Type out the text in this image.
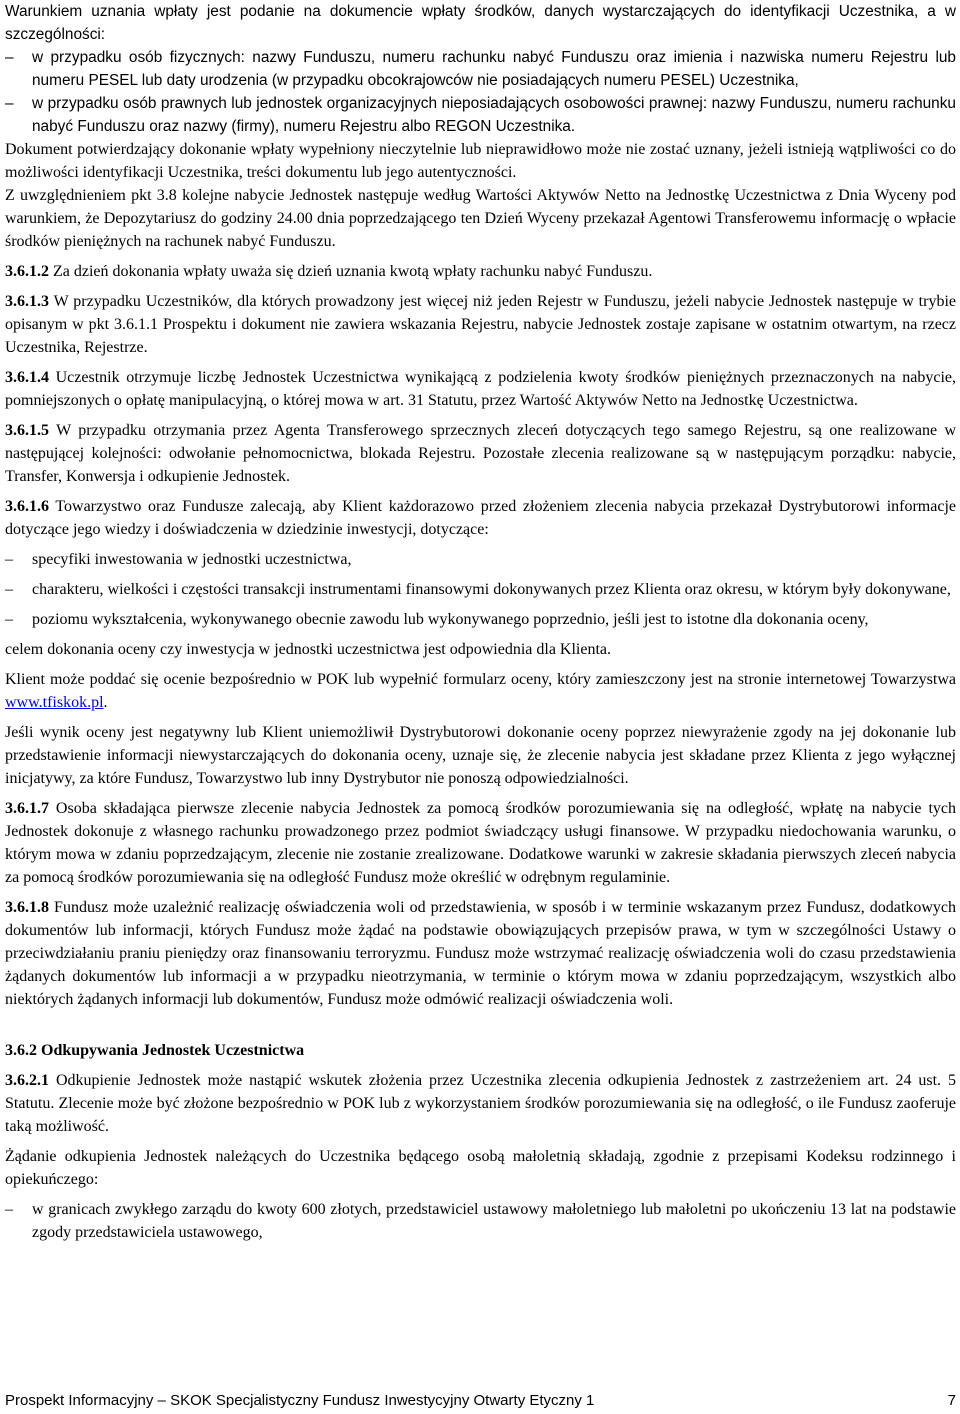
Warunkiem uznania wpłaty jest podanie na dokumencie wpłaty środków, danych wystarczających do identyfikacji Uczestnika, a w szczególności:

– w przypadku osób fizycznych: nazwy Funduszu, numeru rachunku nabyć Funduszu oraz imienia i nazwiska numeru Rejestru lub numeru PESEL lub daty urodzenia (w przypadku obcokrajowców nie posiadających numeru PESEL) Uczestnika,

– w przypadku osób prawnych lub jednostek organizacyjnych nieposiadających osobowości prawnej: nazwy Funduszu, numeru rachunku nabyć Funduszu oraz nazwy (firmy), numeru Rejestru albo REGON Uczestnika.

Dokument potwierdzający dokonanie wpłaty wypełniony nieczytelnie lub nieprawidłowo może nie zostać uznany, jeżeli istnieją wątpliwości co do możliwości identyfikacji Uczestnika, treści dokumentu lub jego autentyczności.

Z uwzględnieniem pkt 3.8 kolejne nabycie Jednostek następuje według Wartości Aktywów Netto na Jednostkę Uczestnictwa z Dnia Wyceny pod warunkiem, że Depozytariusz do godziny 24.00 dnia poprzedzającego ten Dzień Wyceny przekazał Agentowi Transferowemu informację o wpłacie środków pieniężnych na rachunek nabyć Funduszu.

3.6.1.2 Za dzień dokonania wpłaty uważa się dzień uznania kwotą wpłaty rachunku nabyć Funduszu.

3.6.1.3 W przypadku Uczestników, dla których prowadzony jest więcej niż jeden Rejestr w Funduszu, jeżeli nabycie Jednostek następuje w trybie opisanym w pkt 3.6.1.1 Prospektu i dokument nie zawiera wskazania Rejestru, nabycie Jednostek zostaje zapisane w ostatnim otwartym, na rzecz Uczestnika, Rejestrze.

3.6.1.4 Uczestnik otrzymuje liczbę Jednostek Uczestnictwa wynikającą z podzielenia kwoty środków pieniężnych przeznaczonych na nabycie, pomniejszonych o opłatę manipulacyjną, o której mowa w art. 31 Statutu, przez Wartość Aktywów Netto na Jednostkę Uczestnictwa.

3.6.1.5 W przypadku otrzymania przez Agenta Transferowego sprzecznych zleceń dotyczących tego samego Rejestru, są one realizowane w następującej kolejności: odwołanie pełnomocnictwa, blokada Rejestru. Pozostałe zlecenia realizowane są w następującym porządku: nabycie, Transfer, Konwersja i odkupienie Jednostek.

3.6.1.6 Towarzystwo oraz Fundusze zalecają, aby Klient każdorazowo przed złożeniem zlecenia nabycia przekazał Dystrybutorowi informacje dotyczące jego wiedzy i doświadczenia w dziedzinie inwestycji, dotyczące:

– specyfiki inwestowania w jednostki uczestnictwa,

– charakteru, wielkości i częstości transakcji instrumentami finansowymi dokonywanych przez Klienta oraz okresu, w którym były dokonywane,

– poziomu wykształcenia, wykonywanego obecnie zawodu lub wykonywanego poprzednio, jeśli jest to istotne dla dokonania oceny,

celem dokonania oceny czy inwestycja w jednostki uczestnictwa jest odpowiednia dla Klienta.

Klient może poddać się ocenie bezpośrednio w POK lub wypełnić formularz oceny, który zamieszczony jest na stronie internetowej Towarzystwa www.tfiskok.pl.

Jeśli wynik oceny jest negatywny lub Klient uniemożliwił Dystrybutorowi dokonanie oceny poprzez niewyrażenie zgody na jej dokonanie lub przedstawienie informacji niewystarczających do dokonania oceny, uznaje się, że zlecenie nabycia jest składane przez Klienta z jego wyłącznej inicjatywy, za które Fundusz, Towarzystwo lub inny Dystrybutor nie ponoszą odpowiedzialności.

3.6.1.7 Osoba składająca pierwsze zlecenie nabycia Jednostek za pomocą środków porozumiewania się na odległość, wpłatę na nabycie tych Jednostek dokonuje z własnego rachunku prowadzonego przez podmiot świadczący usługi finansowe. W przypadku niedochowania warunku, o którym mowa w zdaniu poprzedzającym, zlecenie nie zostanie zrealizowane. Dodatkowe warunki w zakresie składania pierwszych zleceń nabycia za pomocą środków porozumiewania się na odległość Fundusz może określić w odrębnym regulaminie.

3.6.1.8 Fundusz może uzależnić realizację oświadczenia woli od przedstawienia, w sposób i w terminie wskazanym przez Fundusz, dodatkowych dokumentów lub informacji, których Fundusz może żądać na podstawie obowiązujących przepisów prawa, w tym w szczególności Ustawy o przeciwdziałaniu praniu pieniędzy oraz finansowaniu terroryzmu. Fundusz może wstrzymać realizację oświadczenia woli do czasu przedstawienia żądanych dokumentów lub informacji a w przypadku nieotrzymania, w terminie o którym mowa w zdaniu poprzedzającym, wszystkich albo niektórych żądanych informacji lub dokumentów, Fundusz może odmówić realizacji oświadczenia woli.

3.6.2 Odkupywania Jednostek Uczestnictwa

3.6.2.1 Odkupienie Jednostek może nastąpić wskutek złożenia przez Uczestnika zlecenia odkupienia Jednostek z zastrzeżeniem art. 24 ust. 5 Statutu. Zlecenie może być złożone bezpośrednio w POK lub z wykorzystaniem środków porozumiewania się na odległość, o ile Fundusz zaoferuje taką możliwość.

Żądanie odkupienia Jednostek należących do Uczestnika będącego osobą małoletnią składają, zgodnie z przepisami Kodeksu rodzinnego i opiekuńczego:

– w granicach zwykłego zarządu do kwoty 600 złotych, przedstawiciel ustawowy małoletniego lub małoletni po ukończeniu 13 lat na podstawie zgody przedstawiciela ustawowego,

Prospekt Informacyjny – SKOK Specjalistyczny Fundusz Inwestycyjny Otwarty Etyczny 1	7
